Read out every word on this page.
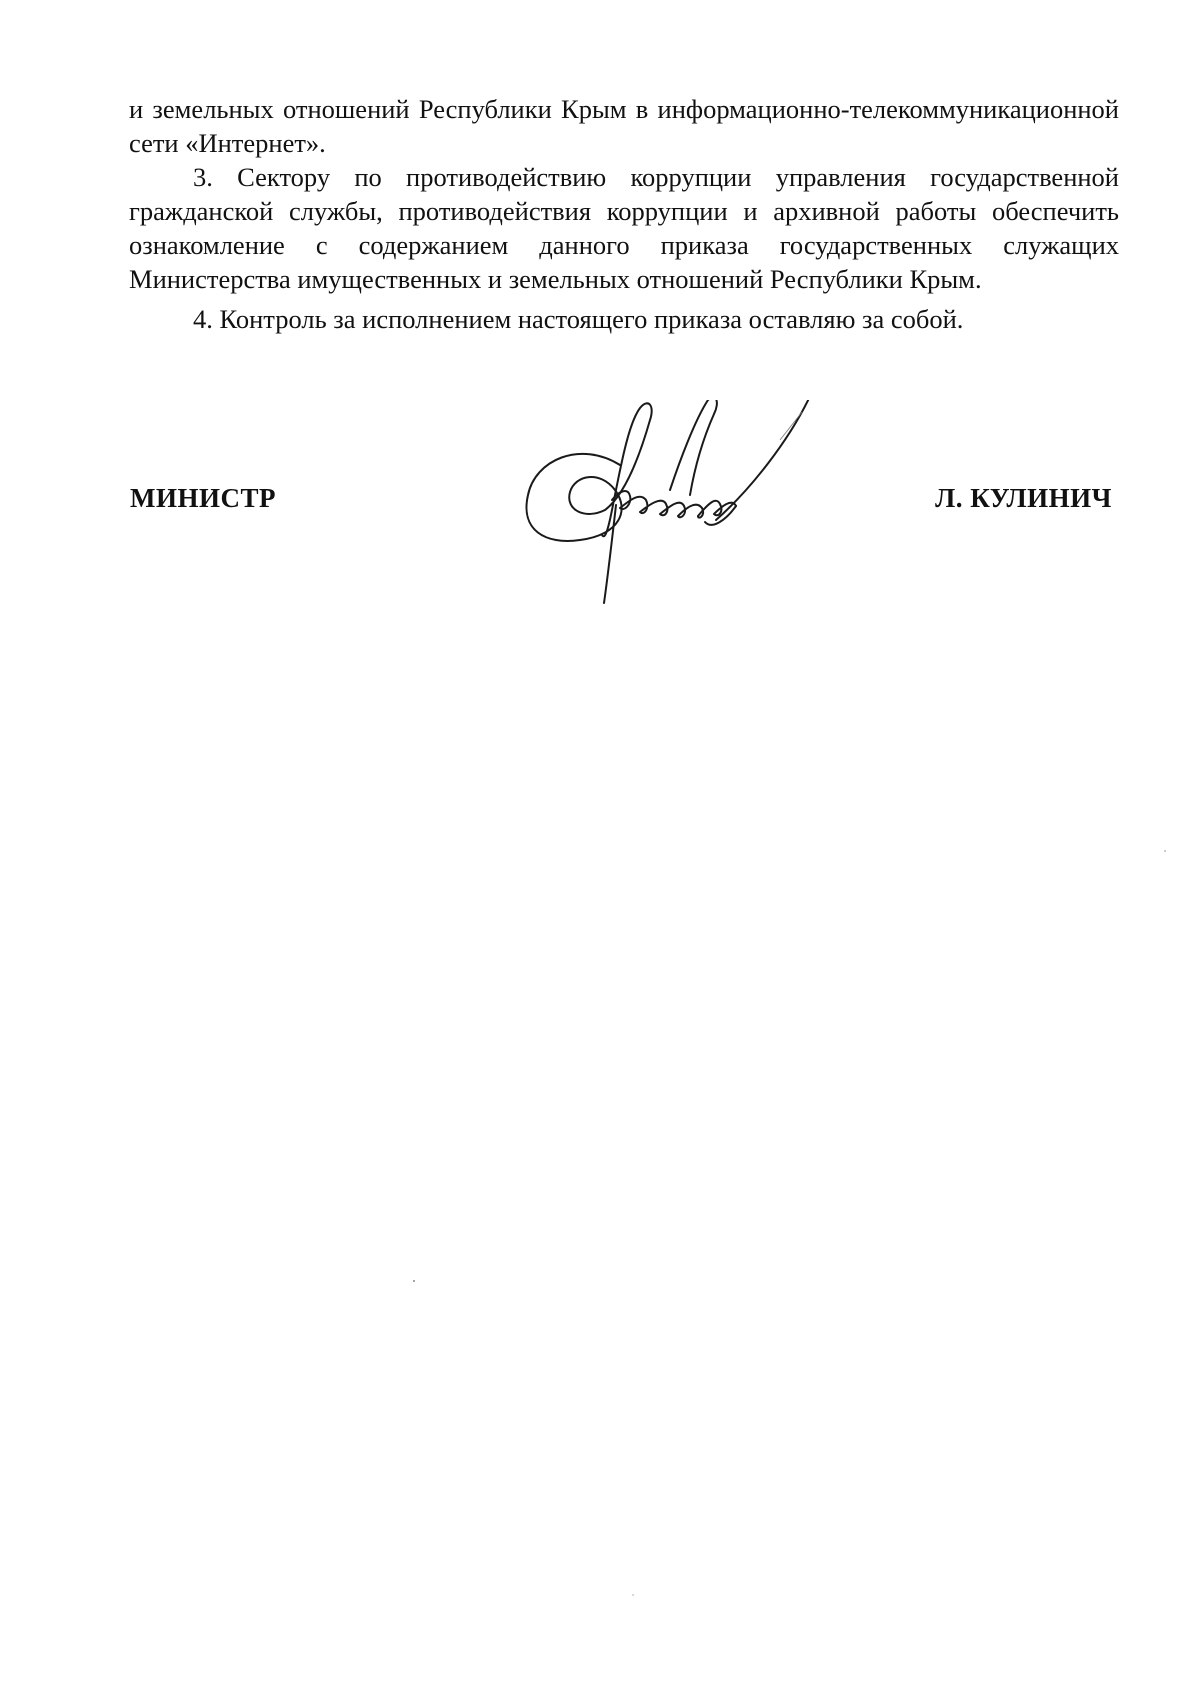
и земельных отношений Республики Крым в информационно-телекоммуникационной сети «Интернет».

3. Сектору по противодействию коррупции управления государственной гражданской службы, противодействия коррупции и архивной работы обеспечить ознакомление с содержанием данного приказа государственных служащих Министерства имущественных и земельных отношений Республики Крым.

4. Контроль за исполнением настоящего приказа оставляю за собой.

МИНИСТР	Л. КУЛИНИЧ
